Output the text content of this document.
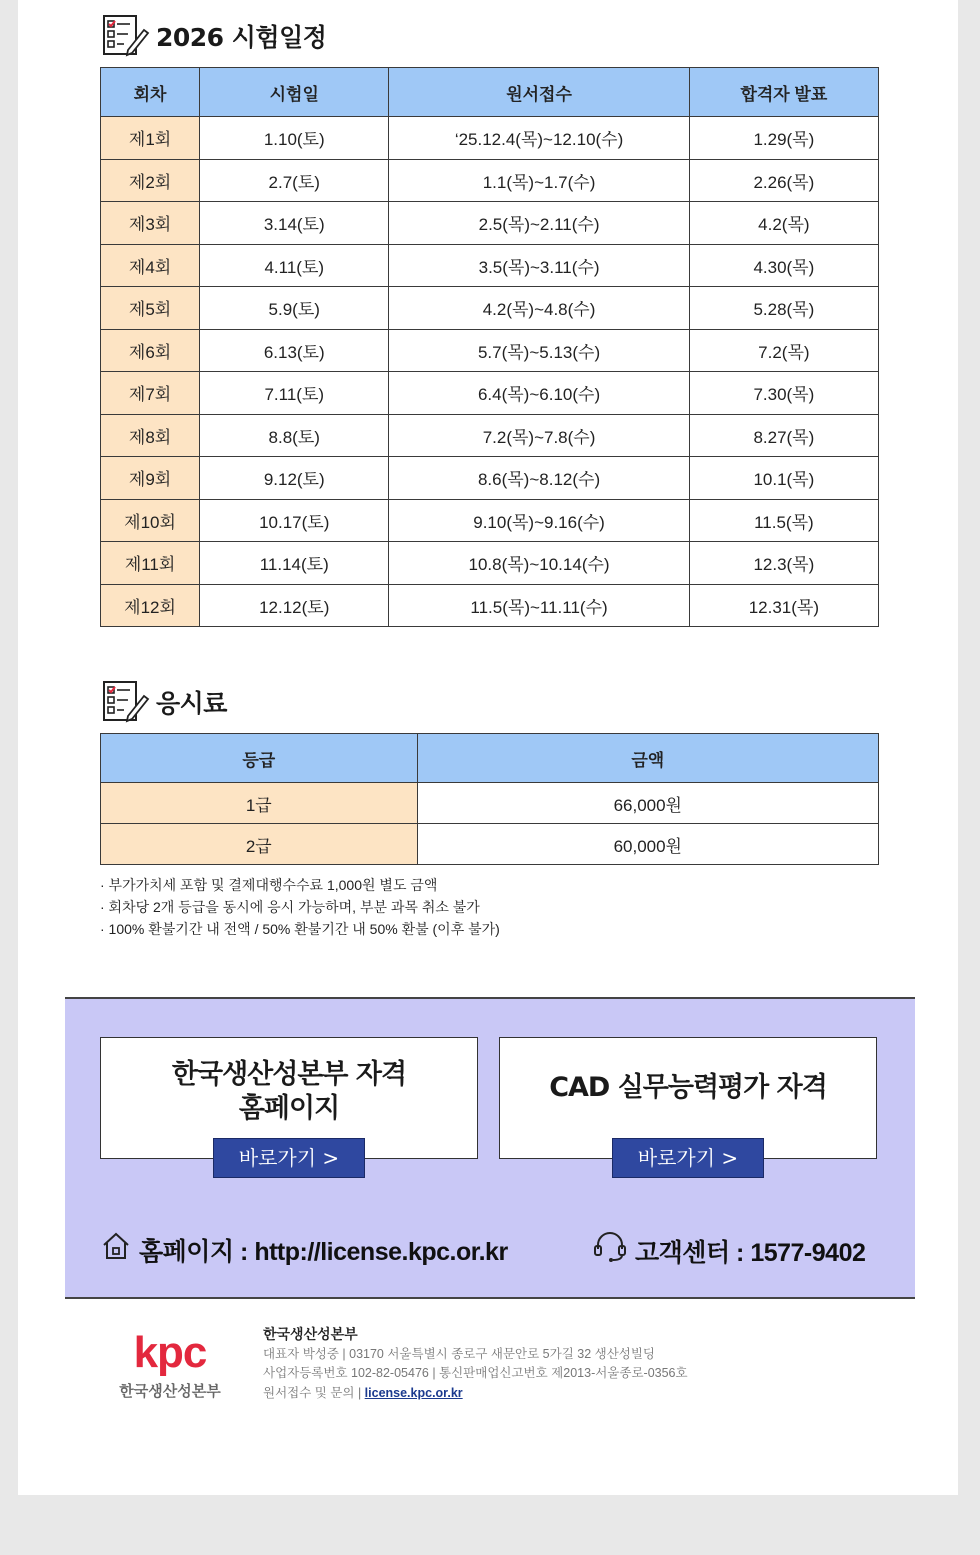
2026 시험일정
회차	시험일	원서접수	합격자 발표
제1회	1.10(토)	‘25.12.4(목)~12.10(수)	1.29(목)
제2회	2.7(토)	1.1(목)~1.7(수)	2.26(목)
제3회	3.14(토)	2.5(목)~2.11(수)	4.2(목)
제4회	4.11(토)	3.5(목)~3.11(수)	4.30(목)
제5회	5.9(토)	4.2(목)~4.8(수)	5.28(목)
제6회	6.13(토)	5.7(목)~5.13(수)	7.2(목)
제7회	7.11(토)	6.4(목)~6.10(수)	7.30(목)
제8회	8.8(토)	7.2(목)~7.8(수)	8.27(목)
제9회	9.12(토)	8.6(목)~8.12(수)	10.1(목)
제10회	10.17(토)	9.10(목)~9.16(수)	11.5(목)
제11회	11.14(토)	10.8(목)~10.14(수)	12.3(목)
제12회	12.12(토)	11.5(목)~11.11(수)	12.31(목)
응시료
등급	금액
1급	66,000원
2급	60,000원
· 부가가치세 포함 및 결제대행수수료 1,000원 별도 금액
· 회차당 2개 등급을 동시에 응시 가능하며, 부분 과목 취소 불가
· 100% 환불기간 내 전액 / 50% 환불기간 내 50% 환불 (이후 불가)
한국생산성본부 자격
홈페이지
바로가기 >
CAD 실무능력평가 자격
바로가기 >
홈페이지 : http://license.kpc.or.kr	고객센터 : 1577-9402
kpc
한국생산성본부
한국생산성본부
대표자 박성중 | 03170 서울특별시 종로구 새문안로 5가길 32 생산성빌딩
사업자등록번호 102-82-05476 | 통신판매업신고번호 제2013-서울종로-0356호
원서접수 및 문의 | license.kpc.or.kr
